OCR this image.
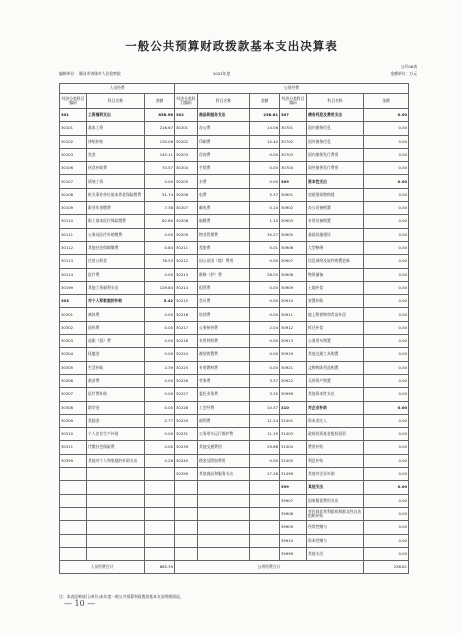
一般公共预算财政拨款基本支出决算表
公开08表
编制单位： 顺河市省珠市人民检察院	2022年度	金额单位：万元
人员经费			公用经费					
经济分类科目编码	科目名称	金额	经济分类科目编码	科目名称	金额	经济分类科目编码	科目名称	金额
301	工资福利支出	858.98	302	商品和服务支出	238.81	307	债务利息及费用支出	0.00
30101	基本工资	216.67	30201	办公费	14.06	30701	国内债务付息	0.00
30102	津贴补贴	130.08	30202	印刷费	10.40	30702	国外债务付息	0.00
30103	奖金	145.11	30203	咨询费	0.00	30703	国内债务发行费用	0.00
30106	伙食补助费	70.57	30204	手续费	0.00	30704	国外债务发行费用	0.00
30107	绩效工资	0.00	30205	水费	0.00	309	资本性支出	0.00
30108	机关事业单位基本养老保险缴费	51.74	30206	电费	5.37	30901	房屋建筑物购建	0.00
30109	职业年金缴费	7.38	30207	邮电费	0.10	30902	办公设备购置	0.00
30110	职工基本医疗保险缴费	62.80	30208	取暖费	1.10	30903	专用设备购置	0.00
30111	公务员医疗补助缴费	0.00	30209	物业管理费	35.27	30905	基础设施建设	0.00
30112	其他社会保障缴费	0.84	30211	差旅费	5.01	30906	大型修缮	0.00
30113	住房公积金	78.53	30212	因公出国（境）费用	0.00	30907	信息网络及软件购置更新	0.00
30114	医疗费	0.00	30213	维修（护）费	28.05	30908	物资储备	0.00
30199	其他工资福利支出	129.84	30214	租赁费	0.00	30909	土地补偿	0.00
303	对个人和家庭的补助	5.42	30215	会议费	0.00	30910	安置补助	0.00
30301	离休费	0.00	30216	培训费	0.00	30911	地上附着物和青苗补偿	0.00
30302	退休费	0.00	30217	公务接待费	2.04	30912	拆迁补偿	0.00
30303	退职（役）费	0.00	30218	专用材料费	0.00	30913	公务用车购置	0.00
30304	抚恤金	0.00	30224	被装购置费	0.00	30919	其他交通工具购置	0.00
30305	生活补助	2.39	30225	专用燃料费	0.00	30921	文物和陈列品购置	0.00
30306	救济费	0.00	30226	劳务费	3.37	30922	无形资产购置	0.00
30307	医疗费补助	0.00	30227	委托业务费	3.35	30999	其他资本性支出	0.00
30308	助学金	0.00	30228	工会经费	10.37	310	对企业补助	0.00
30309	奖励金	2.77	30229	福利费	11.24	31001	资本金注入	0.00
30310	个人农业生产补贴	0.00	30231	公务用车运行维护费	11.19	31003	政府投资基金股权投资	0.00
30311	代缴社会保险费	0.00	30239	其他交通费用	29.68	31004	费用补贴	0.00
30399	其他对个人和家庭的补助支出	0.26	30240	税金及附加费用	0.00	31005	利息补贴	0.00
			30299	其他商品和服务支出	27.28	31099	其他对企业补助	0.00
						399	其他支出	0.00
						39907	国家赔偿费用支出	0.00
						39908	对民间非营利组织和群众性自治组织补贴	0.00
						39909	经常性赠与	0.00
						39910	资本性赠与	0.00
						39999	其他支出	0.00
人员经费合计		865.39	公用经费合计					238.81
注：本表反映部门(单位)本年度一般公共预算财政拨款基本支出明细情况。
— 10 —
